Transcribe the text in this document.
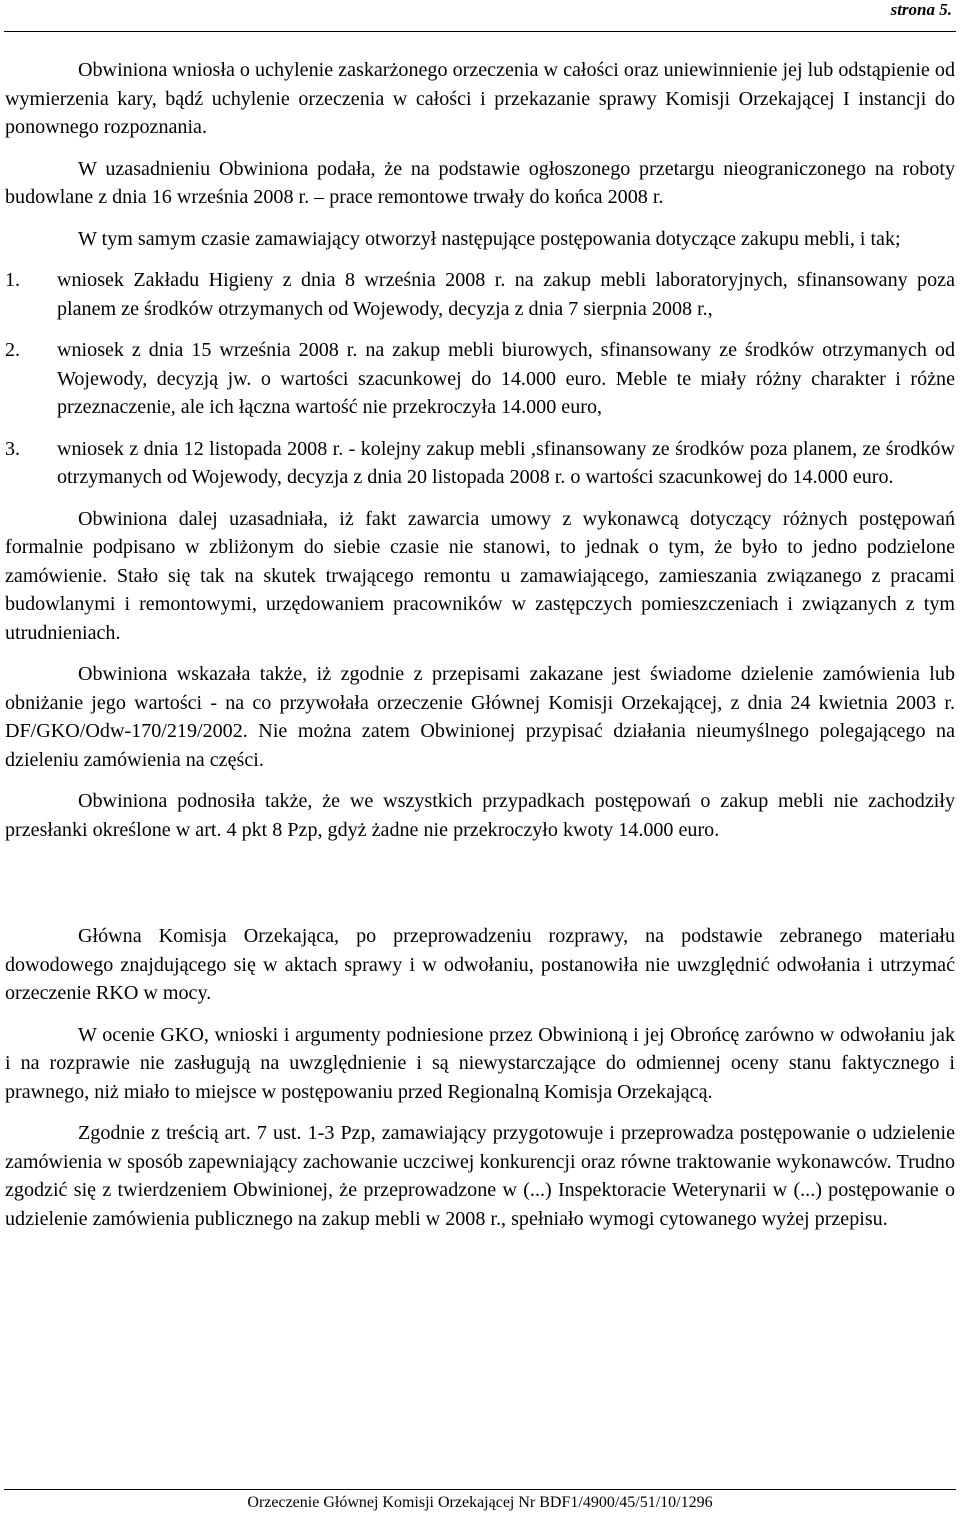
strona 5.

Obwiniona wniosła o uchylenie zaskarżonego orzeczenia w całości oraz uniewinnienie jej lub odstąpienie od wymierzenia kary, bądź uchylenie orzeczenia w całości i przekazanie sprawy Komisji Orzekającej I instancji do ponownego rozpoznania.

W uzasadnieniu Obwiniona podała, że na podstawie ogłoszonego przetargu nieograniczonego na roboty budowlane z dnia 16 września 2008 r. – prace remontowe trwały do końca 2008 r.

W tym samym czasie zamawiający otworzył następujące postępowania dotyczące zakupu mebli, i tak;

1. wniosek Zakładu Higieny z dnia 8 września 2008 r. na zakup mebli laboratoryjnych, sfinansowany poza planem ze środków otrzymanych od Wojewody, decyzja z dnia 7 sierpnia 2008 r.,
2. wniosek z dnia 15 września 2008 r. na zakup mebli biurowych, sfinansowany ze środków otrzymanych od Wojewody, decyzją jw. o wartości szacunkowej do 14.000 euro. Meble te miały różny charakter i różne przeznaczenie, ale ich łączna wartość nie przekroczyła 14.000 euro,
3. wniosek z dnia 12 listopada 2008 r. - kolejny zakup mebli ,sfinansowany ze środków poza planem, ze środków otrzymanych od Wojewody, decyzja z dnia 20 listopada 2008 r. o wartości szacunkowej do 14.000 euro.

Obwiniona dalej uzasadniała, iż fakt zawarcia umowy z wykonawcą dotyczący różnych postępowań formalnie podpisano w zbliżonym do siebie czasie nie stanowi, to jednak o tym, że było to jedno podzielone zamówienie. Stało się tak na skutek trwającego remontu u zamawiającego, zamieszania związanego z pracami budowlanymi i remontowymi, urzędowaniem pracowników w zastępczych pomieszczeniach i związanych z tym utrudnieniach.

Obwiniona wskazała także, iż zgodnie z przepisami zakazane jest świadome dzielenie zamówienia lub obniżanie jego wartości - na co przywołała orzeczenie Głównej Komisji Orzekającej, z dnia 24 kwietnia 2003 r. DF/GKO/Odw-170/219/2002. Nie można zatem Obwinionej przypisać działania nieumyślnego polegającego na dzieleniu zamówienia na części.

Obwiniona podnosiła także, że we wszystkich przypadkach postępowań o zakup mebli nie zachodziły przesłanki określone w art. 4 pkt 8 Pzp, gdyż żadne nie przekroczyło kwoty 14.000 euro.

Główna Komisja Orzekająca, po przeprowadzeniu rozprawy, na podstawie zebranego materiału dowodowego znajdującego się w aktach sprawy i w odwołaniu, postanowiła nie uwzględnić odwołania i utrzymać orzeczenie RKO w mocy.

W ocenie GKO, wnioski i argumenty podniesione przez Obwinioną i jej Obrońcę zarówno w odwołaniu jak i na rozprawie nie zasługują na uwzględnienie i są niewystarczające do odmiennej oceny stanu faktycznego i prawnego, niż miało to miejsce w postępowaniu przed Regionalną Komisja Orzekającą.

Zgodnie z treścią art. 7 ust. 1-3 Pzp, zamawiający przygotowuje i przeprowadza postępowanie o udzielenie zamówienia w sposób zapewniający zachowanie uczciwej konkurencji oraz równe traktowanie wykonawców. Trudno zgodzić się z twierdzeniem Obwinionej, że przeprowadzone w (...) Inspektoracie Weterynarii w (...) postępowanie o udzielenie zamówienia publicznego na zakup mebli w 2008 r., spełniało wymogi cytowanego wyżej przepisu.

Orzeczenie Głównej Komisji Orzekającej Nr BDF1/4900/45/51/10/1296
